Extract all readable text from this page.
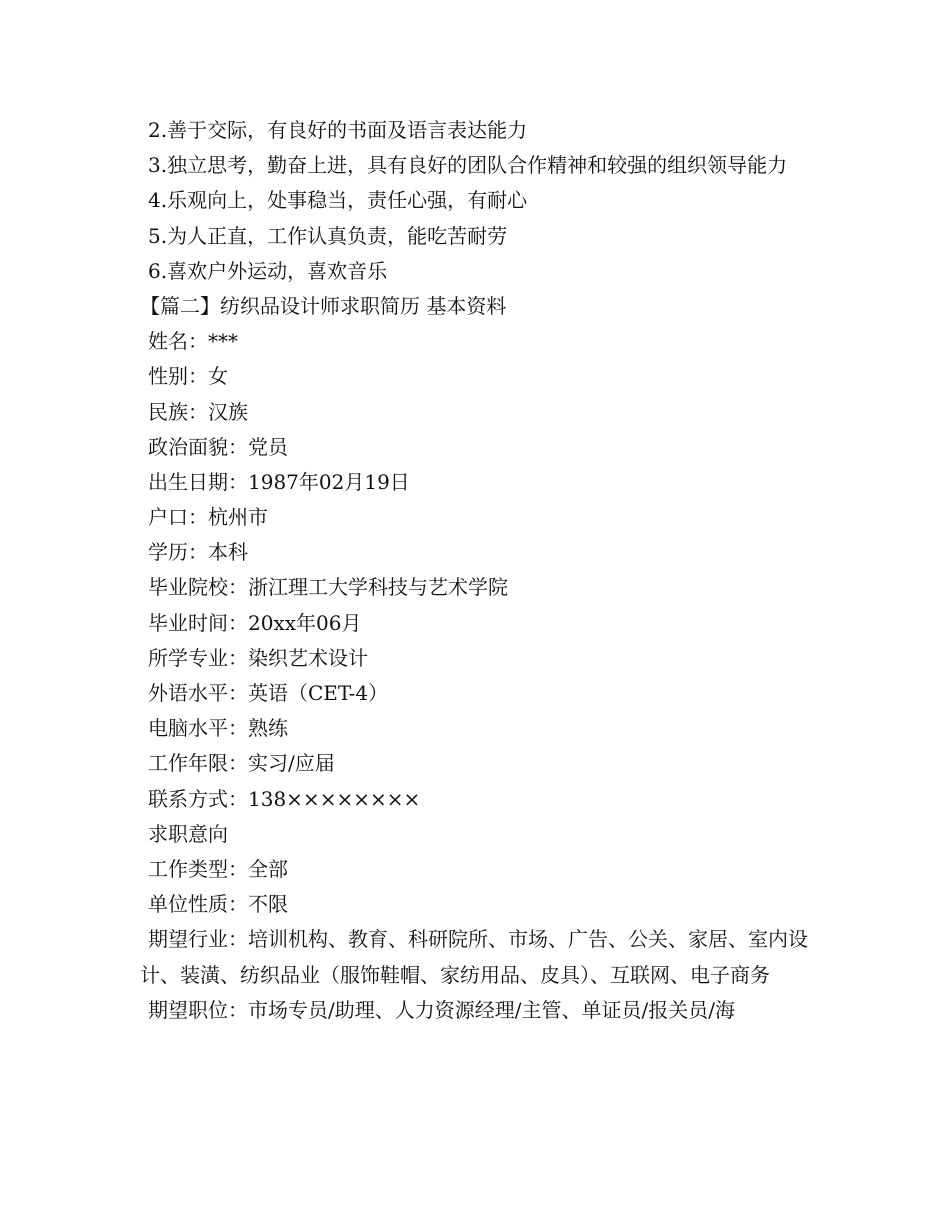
2.善于交际，有良好的书面及语言表达能力

3.独立思考，勤奋上进，具有良好的团队合作精神和较强的组织领导能力

4.乐观向上，处事稳当，责任心强，有耐心

5.为人正直，工作认真负责，能吃苦耐劳

6.喜欢户外运动，喜欢音乐

【篇二】纺织品设计师求职简历 基本资料

姓名：***

性别：女

民族：汉族

政治面貌：党员

出生日期：1987年02月19日

户口：杭州市

学历：本科

毕业院校：浙江理工大学科技与艺术学院

毕业时间：20xx年06月

所学专业：染织艺术设计

外语水平：英语（CET-4）

电脑水平：熟练

工作年限：实习/应届

联系方式：138××××××××

求职意向

工作类型：全部

单位性质：不限

期望行业：培训机构、教育、科研院所、市场、广告、公关、家居、室内设计、装潢、纺织品业（服饰鞋帽、家纺用品、皮具）、互联网、电子商务

期望职位：市场专员/助理、人力资源经理/主管、单证员/报关员/海
